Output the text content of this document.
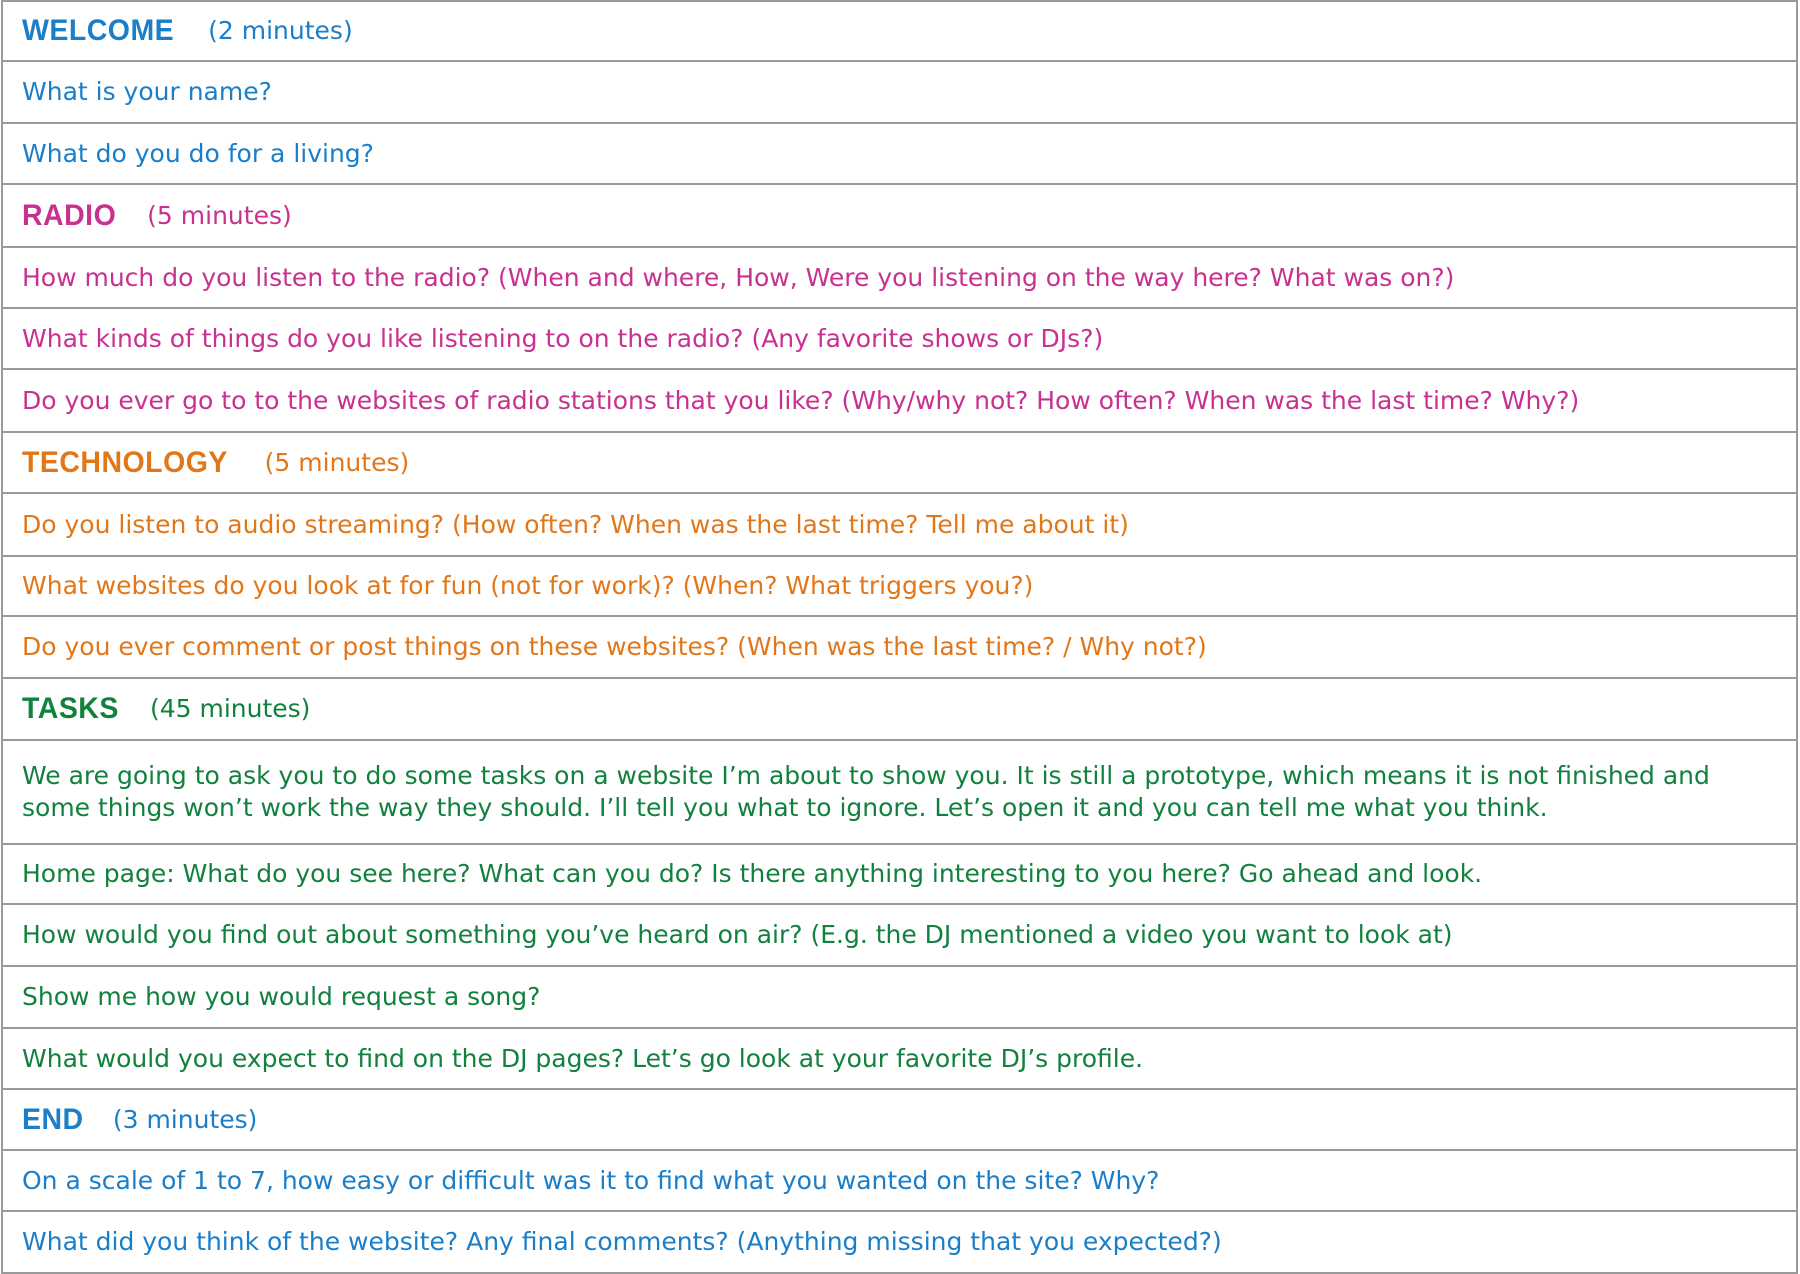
WELCOME (2 minutes)
What is your name?
What do you do for a living?
RADIO (5 minutes)
How much do you listen to the radio? (When and where, How, Were you listening on the way here? What was on?)
What kinds of things do you like listening to on the radio? (Any favorite shows or DJs?)
Do you ever go to to the websites of radio stations that you like? (Why/why not? How often? When was the last time? Why?)
TECHNOLOGY (5 minutes)
Do you listen to audio streaming? (How often? When was the last time? Tell me about it)
What websites do you look at for fun (not for work)? (When? What triggers you?)
Do you ever comment or post things on these websites? (When was the last time? / Why not?)
TASKS (45 minutes)
We are going to ask you to do some tasks on a website I’m about to show you. It is still a prototype, which means it is not finished and some things won’t work the way they should. I’ll tell you what to ignore. Let’s open it and you can tell me what you think.
Home page: What do you see here? What can you do? Is there anything interesting to you here? Go ahead and look.
How would you find out about something you’ve heard on air? (E.g. the DJ mentioned a video you want to look at)
Show me how you would request a song?
What would you expect to find on the DJ pages? Let’s go look at your favorite DJ’s profile.
END (3 minutes)
On a scale of 1 to 7, how easy or difficult was it to find what you wanted on the site? Why?
What did you think of the website? Any final comments? (Anything missing that you expected?)
